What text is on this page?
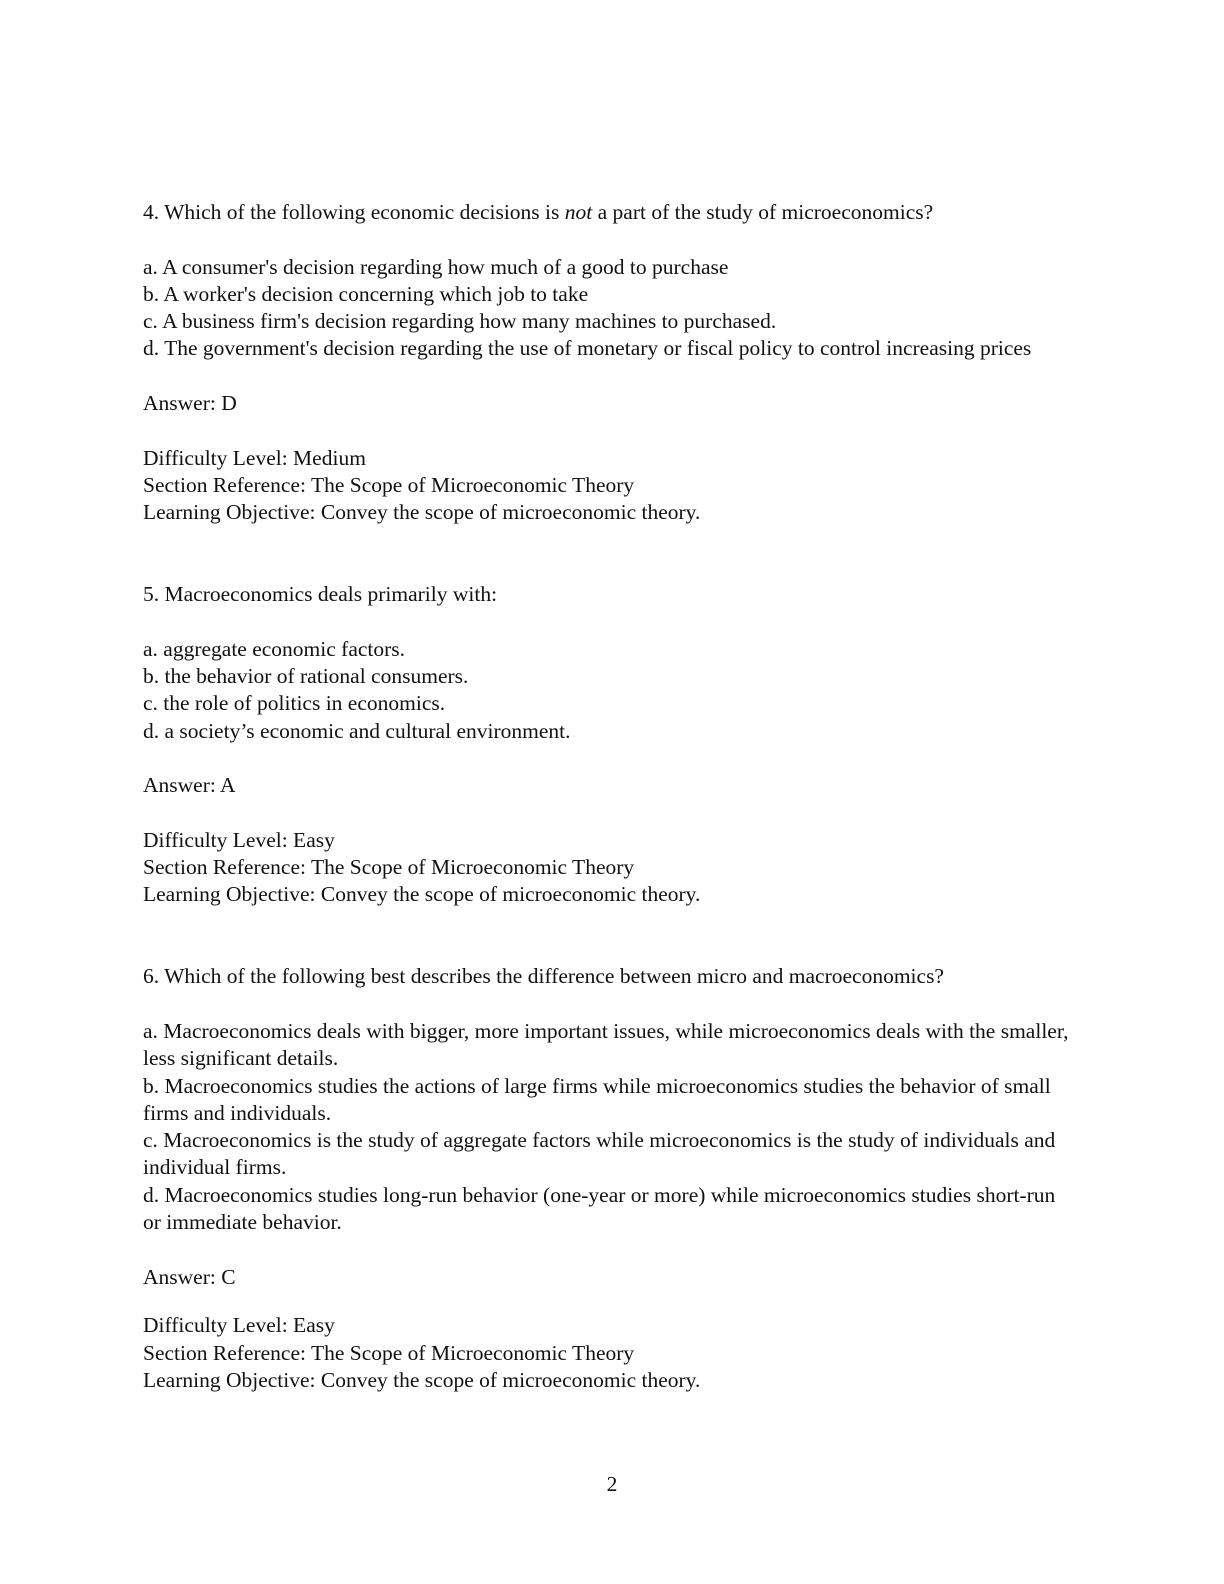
4. Which of the following economic decisions is not a part of the study of microeconomics?

a. A consumer's decision regarding how much of a good to purchase

b. A worker's decision concerning which job to take

c. A business firm's decision regarding how many machines to purchased.

d. The government's decision regarding the use of monetary or fiscal policy to control increasing prices

Answer: D

Difficulty Level: Medium

Section Reference: The Scope of Microeconomic Theory

Learning Objective: Convey the scope of microeconomic theory.

5. Macroeconomics deals primarily with:

a. aggregate economic factors.

b. the behavior of rational consumers.

c. the role of politics in economics.

d. a society’s economic and cultural environment.

Answer: A

Difficulty Level: Easy

Section Reference: The Scope of Microeconomic Theory

Learning Objective: Convey the scope of microeconomic theory.

6. Which of the following best describes the difference between micro and macroeconomics?

a. Macroeconomics deals with bigger, more important issues, while microeconomics deals with the smaller, less significant details.

b. Macroeconomics studies the actions of large firms while microeconomics studies the behavior of small firms and individuals.

c. Macroeconomics is the study of aggregate factors while microeconomics is the study of individuals and individual firms.

d. Macroeconomics studies long-run behavior (one-year or more) while microeconomics studies short-run or immediate behavior.

Answer: C

Difficulty Level: Easy

Section Reference: The Scope of Microeconomic Theory

Learning Objective: Convey the scope of microeconomic theory.

2
